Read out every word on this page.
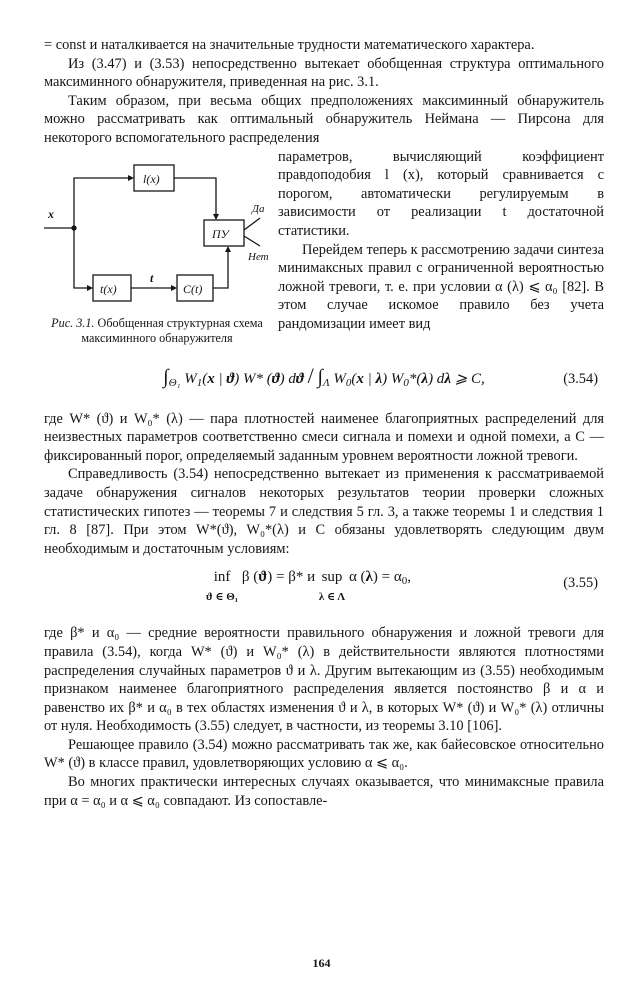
= const и наталкивается на значительные трудности математического характера.

Из (3.47) и (3.53) непосредственно вытекает обобщенная структура оптимального максиминного обнаружителя, приведенная на рис. 3.1.

Таким образом, при весьма общих предположениях максиминный обнаружитель можно рассматривать как оптимальный обнаружитель Неймана — Пирсона для некоторого вспомогательного распределения

x
l(x)
t(x)
t
C(t)
ПУ
Да
Нет
Рис. 3.1. Обобщенная структурная схема максиминного обнаружителя

параметров, вычисляющий коэффициент правдоподобия l (x), который сравнивается с порогом, автоматически регулируемым в зависимости от реализации t достаточной статистики.

Перейдем теперь к рассмотрению задачи синтеза минимаксных правил с ограниченной вероятностью ложной тревоги, т. е. при условии α (λ) ⩽ α₀ [82]. В этом случае искомое правило без учета рандомизации имеет вид

$\int_{\Theta_1}$ $W_1(x$ | ϑ) W* (ϑ) dϑ / $\int_\Lambda$ $W_0(x$ | λ) $W_0*(\lambda)$ dλ ⩾ C,	(3.54)

где W* (ϑ) и W₀* (λ) — пара плотностей наименее благоприятных распределений для неизвестных параметров соответственно смеси сигнала и помехи и одной помехи, а C — фиксированный порог, определяемый заданным уровнем вероятности ложной тревоги.

Справедливость (3.54) непосредственно вытекает из применения к рассматриваемой задаче обнаружения сигналов некоторых результатов теории проверки сложных статистических гипотез — теоремы 7 и следствия 5 гл. 3, а также теоремы 1 и следствия 1 гл. 8 [87]. При этом W*(ϑ), W₀*(λ) и C обязаны удовлетворять следующим двум необходимым и достаточным условиям:

inf
ϑ ∈ Θ₁ β (ϑ) = β* и sup
λ ∈ Λ α $(\lambda) = \alpha_0$,	(3.55)

где β* и α₀ — средние вероятности правильного обнаружения и ложной тревоги для правила (3.54), когда W* (ϑ) и W₀* (λ) в действительности являются плотностями распределения случайных параметров ϑ и λ. Другим вытекающим из (3.55) необходимым признаком наименее благоприятного распределения является постоянство β и α и равенство их β* и α₀ в тех областях изменения ϑ и λ, в которых W* (ϑ) и W₀* (λ) отличны от нуля. Необходимость (3.55) следует, в частности, из теоремы 3.10 [106].

Решающее правило (3.54) можно рассматривать так же, как байесовское относительно W* (ϑ) в классе правил, удовлетворяющих условию α ⩽ α₀.

Во многих практически интересных случаях оказывается, что минимаксные правила при α = α₀ и α ⩽ α₀ совпадают. Из сопоставле-

164
